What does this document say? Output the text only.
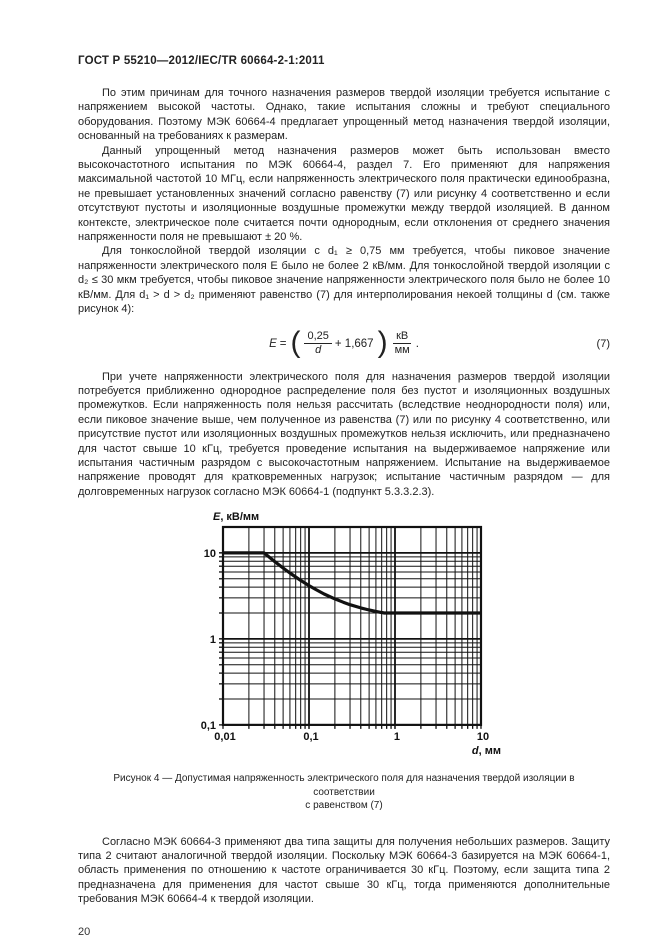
ГОСТ Р 55210—2012/IEC/TR 60664-2-1:2011

По этим причинам для точного назначения размеров твердой изоляции требуется испытание с напряжением высокой частоты. Однако, такие испытания сложны и требуют специального оборудования. Поэтому МЭК 60664-4 предлагает упрощенный метод назначения твердой изоляции, основанный на требованиях к размерам.

Данный упрощенный метод назначения размеров может быть использован вместо высокочастотного испытания по МЭК 60664-4, раздел 7. Его применяют для напряжения максимальной частотой 10 МГц, если напряженность электрического поля практически единообразна, не превышает установленных значений согласно равенству (7) или рисунку 4 соответственно и если отсутствуют пустоты и изоляционные воздушные промежутки между твердой изоляцией. В данном контексте, электрическое поле считается почти однородным, если отклонения от среднего значения напряженности поля не превышают ± 20 %.

Для тонкослойной твердой изоляции с d₁ ≥ 0,75 мм требуется, чтобы пиковое значение напряженности электрического поля E было не более 2 кВ/мм. Для тонкослойной твердой изоляции с d₂ ≤ 30 мкм требуется, чтобы пиковое значение напряженности электрического поля было не более 10 кВ/мм. Для d₁ > d > d₂ применяют равенство (7) для интерполирования некоей толщины d (см. также рисунок 4):

E = ( $\frac{0,25}{d} + 1,667$ ) $\frac{кВ}{мм}$ .	(7)

При учете напряженности электрического поля для назначения размеров твердой изоляции потребуется приближенно однородное распределение поля без пустот и изоляционных воздушных промежутков. Если напряженность поля нельзя рассчитать (вследствие неоднородности поля) или, если пиковое значение выше, чем полученное из равенства (7) или по рисунку 4 соответственно, или присутствие пустот или изоляционных воздушных промежутков нельзя исключить, или предназначено для частот свыше 10 кГц, требуется проведение испытания на выдерживаемое напряжение или испытания частичным разрядом с высокочастотным напряжением. Испытание на выдерживаемое напряжение проводят для кратковременных нагрузок; испытание частичным разрядом — для долговременных нагрузок согласно МЭК 60664-1 (подпункт 5.3.3.2.3).

0,1
1
10
0,01	0,1	1	10
E, кВ/мм
d, мм
Рисунок 4 — Допустимая напряженность электрического поля для назначения твердой изоляции в соответствии
с равенством (7)

Согласно МЭК 60664-3 применяют два типа защиты для получения небольших размеров. Защиту типа 2 считают аналогичной твердой изоляции. Поскольку МЭК 60664-3 базируется на МЭК 60664-1, область применения по отношению к частоте ограничивается 30 кГц. Поэтому, если защита типа 2 предназначена для применения для частот свыше 30 кГц, тогда применяются дополнительные требования МЭК 60664-4 к твердой изоляции.

20
